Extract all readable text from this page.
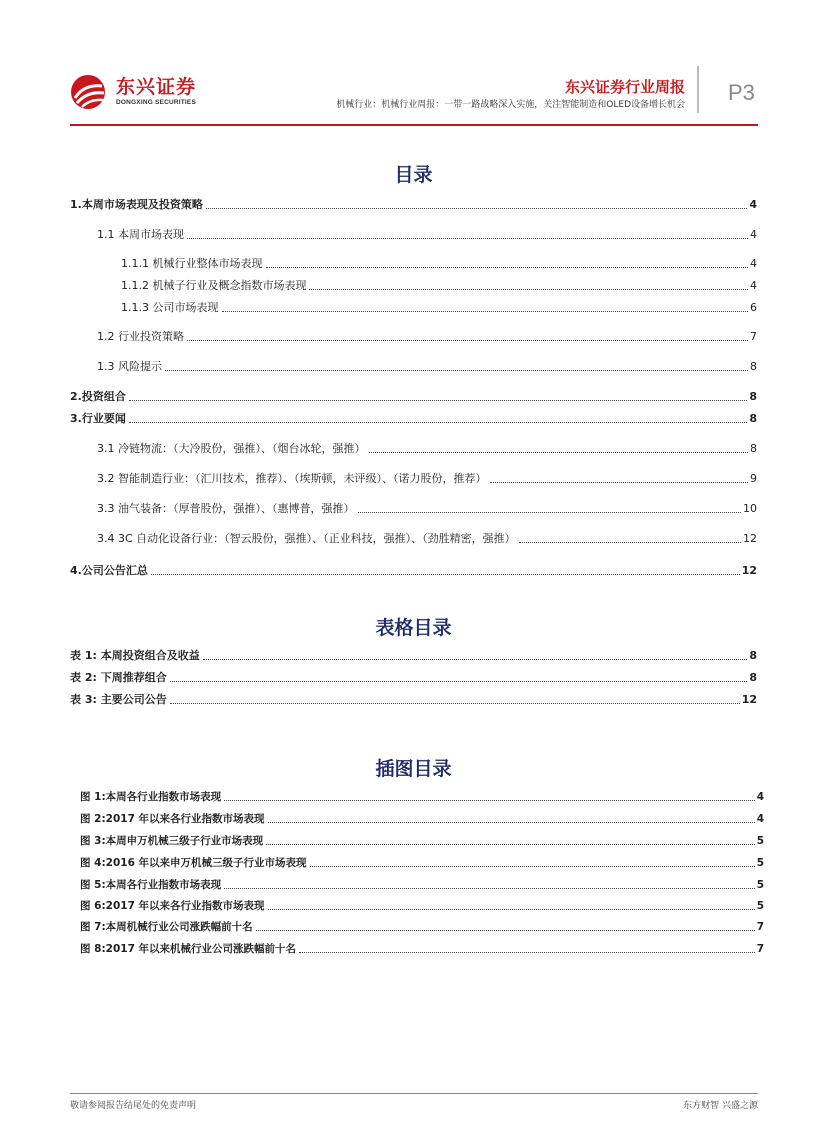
东兴证券
DONGXING SECURITIES
东兴证券行业周报
机械行业：机械行业周报：一带一路战略深入实施，关注智能制造和OLED设备增长机会 P3
目录
表格目录
插图目录
1.本周市场表现及投资策略	4
1.1 本周市场表现	4
1.1.1 机械行业整体市场表现	4
1.1.2 机械子行业及概念指数市场表现	4
1.1.3 公司市场表现	6
1.2 行业投资策略	7
1.3 风险提示	8
2.投资组合	8
3.行业要闻	8
3.1 冷链物流：（大冷股份，强推）、（烟台冰轮，强推）	8
3.2 智能制造行业：（汇川技术，推荐）、（埃斯顿，未评级）、（诺力股份，推荐）	9
3.3 油气装备：（厚普股份，强推）、（惠博普，强推）	10
3.4 3C 自动化设备行业：（智云股份，强推）、（正业科技，强推）、（劲胜精密，强推）	12
4.公司公告汇总	12
表 1: 本周投资组合及收益	8
表 2: 下周推荐组合	8
表 3: 主要公司公告	12
图 1:本周各行业指数市场表现	4
图 2:2017 年以来各行业指数市场表现	4
图 3:本周申万机械三级子行业市场表现	5
图 4:2016 年以来申万机械三级子行业市场表现	5
图 5:本周各行业指数市场表现	5
图 6:2017 年以来各行业指数市场表现	5
图 7:本周机械行业公司涨跌幅前十名	7
图 8:2017 年以来机械行业公司涨跌幅前十名	7
敬请参阅报告结尾处的免责声明	东方财智 兴盛之源
